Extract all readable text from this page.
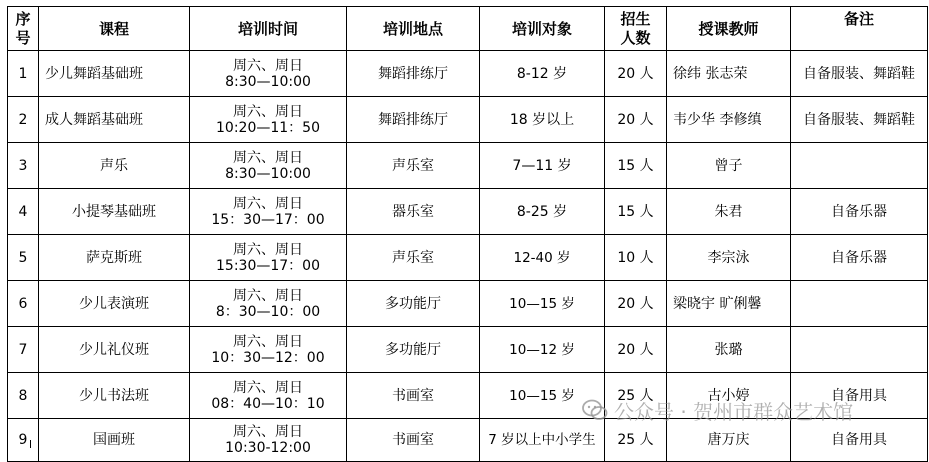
序号	课程	培训时间	培训地点	培训对象	招生人数	授课教师	备注
1	少儿舞蹈基础班	周六、周日
8:30—10:00	舞蹈排练厅	8-12 岁	20 人	徐纬 张志荣	自备服装、舞蹈鞋
2	成人舞蹈基础班	周六、周日
10:20—11：50	舞蹈排练厅	18 岁以上	20 人	韦少华 李修缜	自备服装、舞蹈鞋
3	声乐	周六、周日
8:30—10:00	声乐室	7—11 岁	15 人	曾子	
4	小提琴基础班	周六、周日
15：30—17：00	器乐室	8-25 岁	15 人	朱君	自备乐器
5	萨克斯班	周六、周日
15:30—17：00	声乐室	12-40 岁	10 人	李宗泳	自备乐器
6	少儿表演班	周六、周日
8：30—10：00	多功能厅	10—15 岁	20 人	梁晓宇 旷俐馨	
7	少儿礼仪班	周六、周日
10：30—12：00	多功能厅	10—12 岁	20 人	张璐	
8	少儿书法班	周六、周日
08：40—10：10	书画室	10—15 岁	25 人	古小婷	自备用具
9	国画班	周六、周日
10:30-12:00	书画室	7 岁以上中小学生	25 人	唐万庆	自备用具
公众号 · 贺州市群众艺术馆
